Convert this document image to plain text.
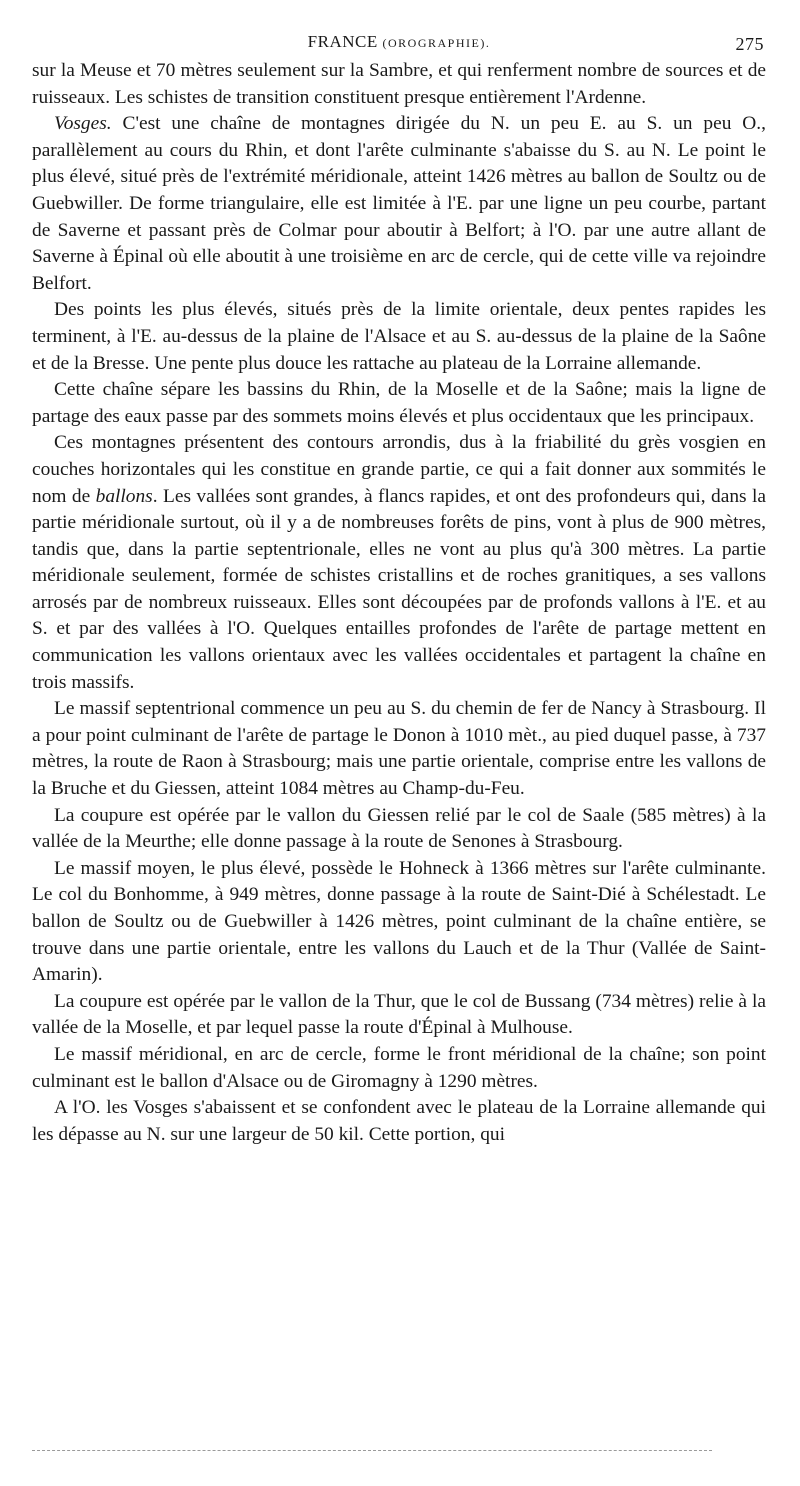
FRANCE (OROGRAPHIE).	275

sur la Meuse et 70 mètres seulement sur la Sambre, et qui renferment nombre de sources et de ruisseaux. Les schistes de transition constituent presque entièrement l'Ardenne.

Vosges. C'est une chaîne de montagnes dirigée du N. un peu E. au S. un peu O., parallèlement au cours du Rhin, et dont l'arête culminante s'abaisse du S. au N. Le point le plus élevé, situé près de l'extrémité méridionale, atteint 1426 mètres au ballon de Soultz ou de Guebwiller. De forme triangulaire, elle est limitée à l'E. par une ligne un peu courbe, partant de Saverne et passant près de Colmar pour aboutir à Belfort; à l'O. par une autre allant de Saverne à Épinal où elle aboutit à une troisième en arc de cercle, qui de cette ville va rejoindre Belfort.

Des points les plus élevés, situés près de la limite orientale, deux pentes rapides les terminent, à l'E. au-dessus de la plaine de l'Alsace et au S. au-dessus de la plaine de la Saône et de la Bresse. Une pente plus douce les rattache au plateau de la Lorraine allemande.

Cette chaîne sépare les bassins du Rhin, de la Moselle et de la Saône; mais la ligne de partage des eaux passe par des sommets moins élevés et plus occidentaux que les principaux.

Ces montagnes présentent des contours arrondis, dus à la friabilité du grès vosgien en couches horizontales qui les constitue en grande partie, ce qui a fait donner aux sommités le nom de ballons. Les vallées sont grandes, à flancs rapides, et ont des profondeurs qui, dans la partie méridionale surtout, où il y a de nombreuses forêts de pins, vont à plus de 900 mètres, tandis que, dans la partie septentrionale, elles ne vont au plus qu'à 300 mètres. La partie méridionale seulement, formée de schistes cristallins et de roches granitiques, a ses vallons arrosés par de nombreux ruisseaux. Elles sont découpées par de profonds vallons à l'E. et au S. et par des vallées à l'O. Quelques entailles profondes de l'arête de partage mettent en communication les vallons orientaux avec les vallées occidentales et partagent la chaîne en trois massifs.

Le massif septentrional commence un peu au S. du chemin de fer de Nancy à Strasbourg. Il a pour point culminant de l'arête de partage le Donon à 1010 mèt., au pied duquel passe, à 737 mètres, la route de Raon à Strasbourg; mais une partie orientale, comprise entre les vallons de la Bruche et du Giessen, atteint 1084 mètres au Champ-du-Feu.

La coupure est opérée par le vallon du Giessen relié par le col de Saale (585 mètres) à la vallée de la Meurthe; elle donne passage à la route de Senones à Strasbourg.

Le massif moyen, le plus élevé, possède le Hohneck à 1366 mètres sur l'arête culminante. Le col du Bonhomme, à 949 mètres, donne passage à la route de Saint-Dié à Schélestadt. Le ballon de Soultz ou de Guebwiller à 1426 mètres, point culminant de la chaîne entière, se trouve dans une partie orientale, entre les vallons du Lauch et de la Thur (Vallée de Saint-Amarin).

La coupure est opérée par le vallon de la Thur, que le col de Bussang (734 mètres) relie à la vallée de la Moselle, et par lequel passe la route d'Épinal à Mulhouse.

Le massif méridional, en arc de cercle, forme le front méridional de la chaîne; son point culminant est le ballon d'Alsace ou de Giromagny à 1290 mètres.

A l'O. les Vosges s'abaissent et se confondent avec le plateau de la Lorraine allemande qui les dépasse au N. sur une largeur de 50 kil. Cette portion, qui
